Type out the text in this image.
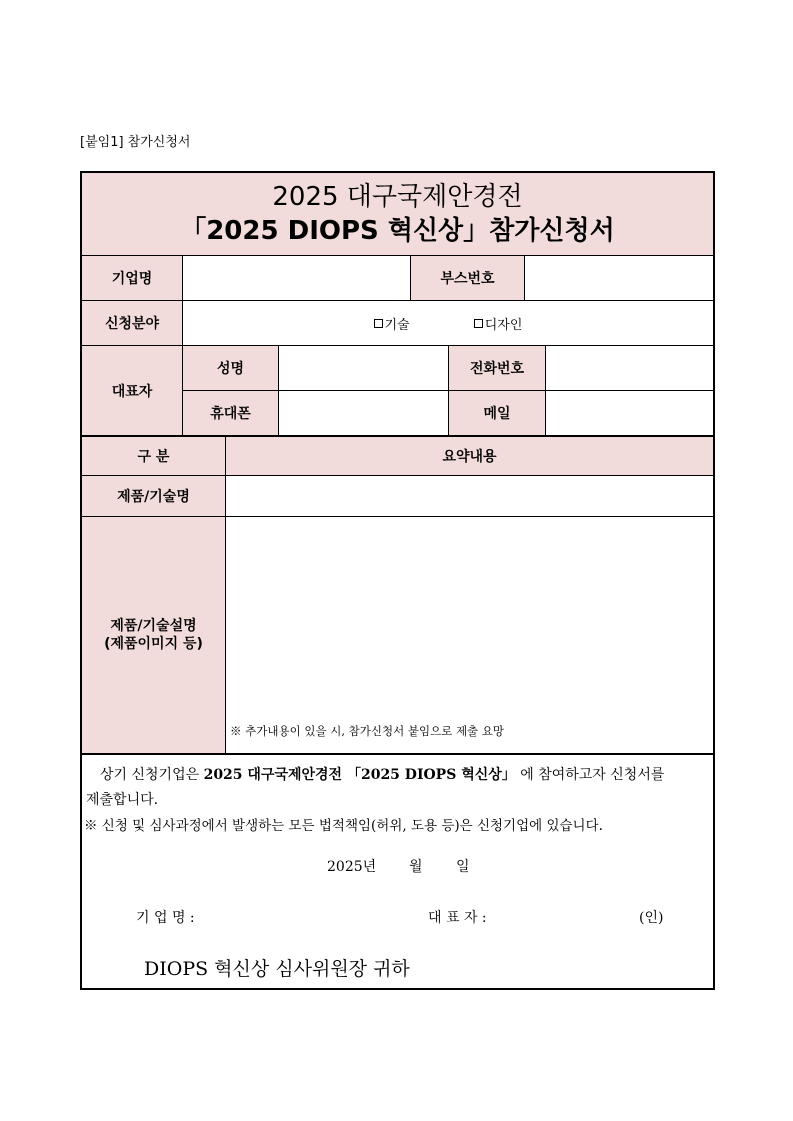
[붙임1] 참가신청서
2025 대구국제안경전
「2025 DIOPS 혁신상」참가신청서
기업명	부스번호
신청분야	기술	디자인
대표자
성명	전화번호
휴대폰	메일
구 분	요약내용
제품/기술명
제품/기술설명
(제품이미지 등)
※ 추가내용이 있을 시, 참가신청서 붙임으로 제출 요망
상기 신청기업은 2025 대구국제안경전 「2025 DIOPS 혁신상」 에 참여하고자 신청서를
제출합니다.
※ 신청 및 심사과정에서 발생하는 모든 법적책임(허위, 도용 등)은 신청기업에 있습니다.
2025년 월 일
기 업 명 :	대 표 자 :	(인)
DIOPS 혁신상 심사위원장 귀하
